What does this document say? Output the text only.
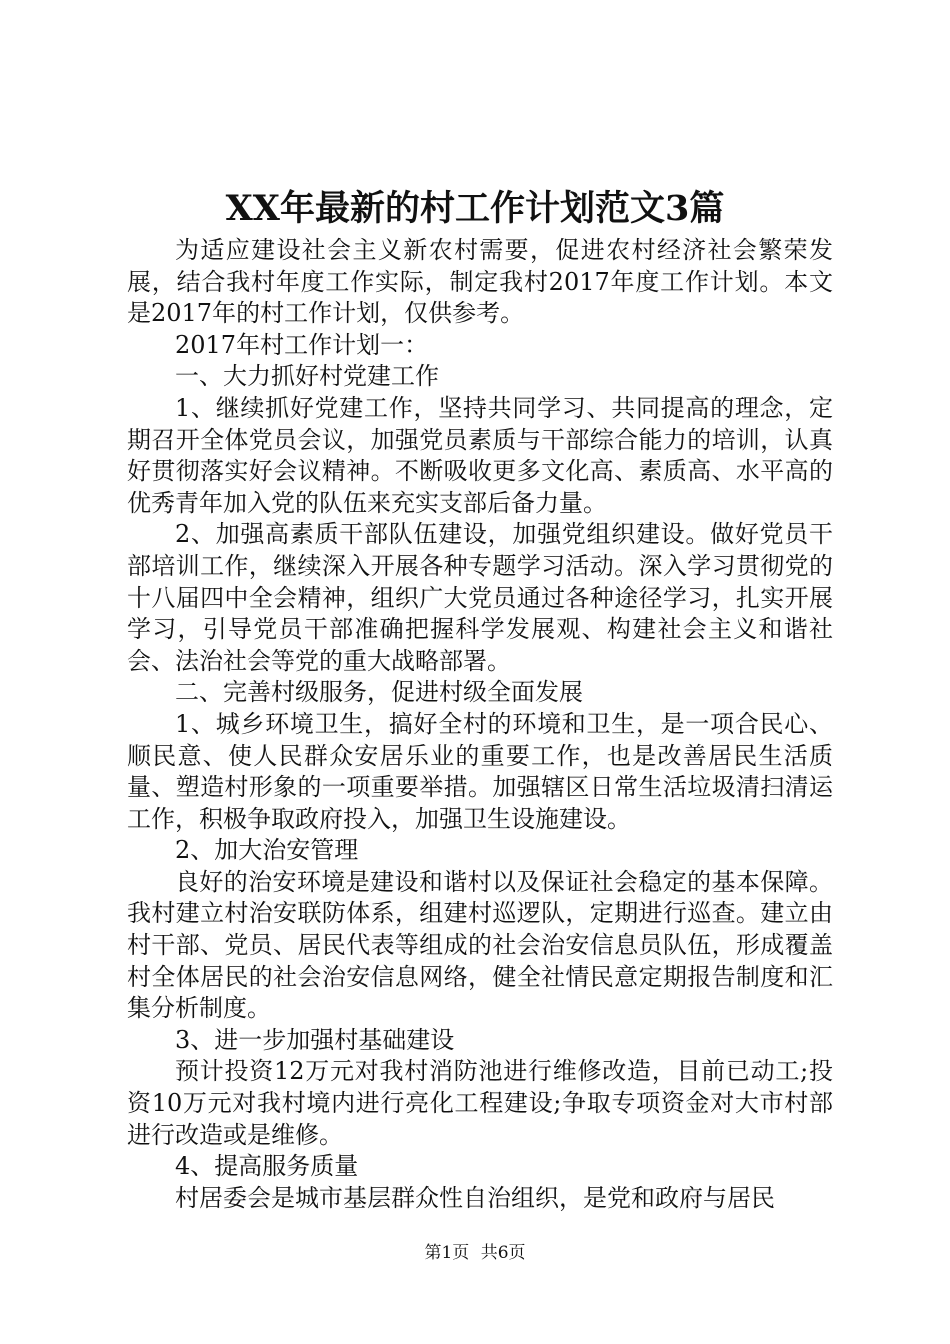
XX年最新的村工作计划范文3篇

为适应建设社会主义新农村需要，促进农村经济社会繁荣发展，结合我村年度工作实际，制定我村2017年度工作计划。本文是2017年的村工作计划，仅供参考。

2017年村工作计划一：

一、大力抓好村党建工作

1、继续抓好党建工作，坚持共同学习、共同提高的理念，定期召开全体党员会议，加强党员素质与干部综合能力的培训，认真好贯彻落实好会议精神。不断吸收更多文化高、素质高、水平高的优秀青年加入党的队伍来充实支部后备力量。

2、加强高素质干部队伍建设，加强党组织建设。做好党员干部培训工作，继续深入开展各种专题学习活动。深入学习贯彻党的十八届四中全会精神，组织广大党员通过各种途径学习，扎实开展学习，引导党员干部准确把握科学发展观、构建社会主义和谐社会、法治社会等党的重大战略部署。

二、完善村级服务，促进村级全面发展

1、城乡环境卫生，搞好全村的环境和卫生，是一项合民心、顺民意、使人民群众安居乐业的重要工作，也是改善居民生活质量、塑造村形象的一项重要举措。加强辖区日常生活垃圾清扫清运工作，积极争取政府投入，加强卫生设施建设。

2、加大治安管理

良好的治安环境是建设和谐村以及保证社会稳定的基本保障。我村建立村治安联防体系，组建村巡逻队，定期进行巡查。建立由村干部、党员、居民代表等组成的社会治安信息员队伍，形成覆盖村全体居民的社会治安信息网络，健全社情民意定期报告制度和汇集分析制度。

3、进一步加强村基础建设

预计投资12万元对我村消防池进行维修改造，目前已动工;投资10万元对我村境内进行亮化工程建设;争取专项资金对大市村部进行改造或是维修。

4、提高服务质量

村居委会是城市基层群众性自治组织，是党和政府与居民

第1页 共6页
